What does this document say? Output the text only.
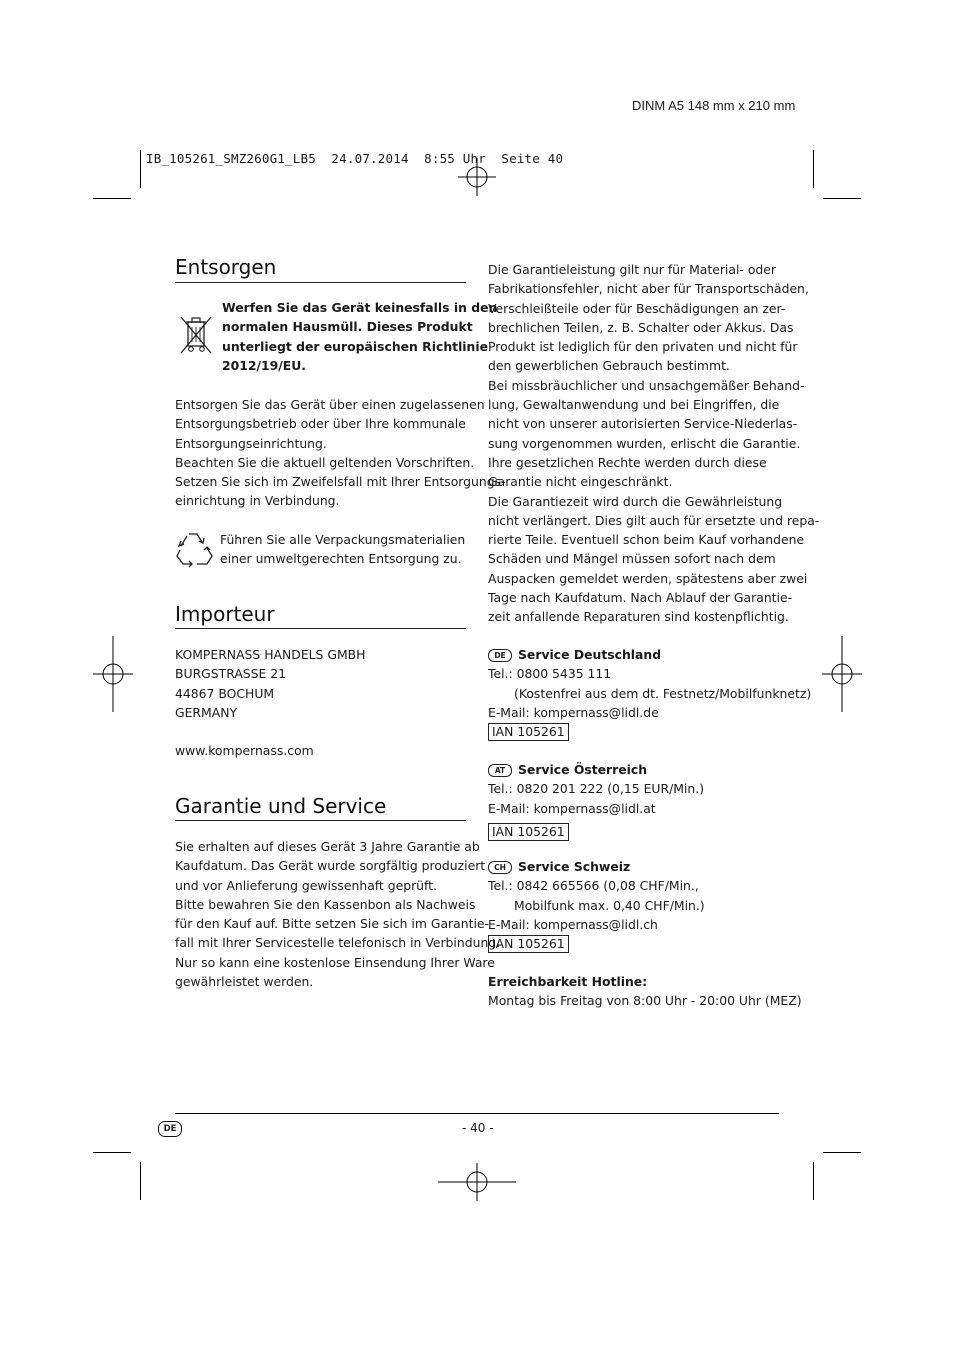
DINM A5 148 mm x 210 mm
IB_105261_SMZ260G1_LB5  24.07.2014  8:55 Uhr  Seite 40
Entsorgen

Werfen Sie das Gerät keinesfalls in den

normalen Hausmüll. Dieses Produkt

unterliegt der europäischen Richtlinie

2012/19/EU.

Entsorgen Sie das Gerät über einen zugelassenen

Entsorgungsbetrieb oder über Ihre kommunale

Entsorgungseinrichtung.

Beachten Sie die aktuell geltenden Vorschriften.

Setzen Sie sich im Zweifelsfall mit Ihrer Entsorgungs-

einrichtung in Verbindung.

Führen Sie alle Verpackungsmaterialien

einer umweltgerechten Entsorgung zu.

Importeur

KOMPERNASS HANDELS GMBH

BURGSTRASSE 21

44867 BOCHUM

GERMANY

www.kompernass.com
Garantie und Service

Sie erhalten auf dieses Gerät 3 Jahre Garantie ab

Kaufdatum. Das Gerät wurde sorgfältig produziert

und vor Anlieferung gewissenhaft geprüft.

Bitte bewahren Sie den Kassenbon als Nachweis

für den Kauf auf. Bitte setzen Sie sich im Garantie-

fall mit Ihrer Servicestelle telefonisch in Verbindung.

Nur so kann eine kostenlose Einsendung Ihrer Ware

gewährleistet werden.

Die Garantieleistung gilt nur für Material- oder

Fabrikationsfehler, nicht aber für Transportschäden,

Verschleißteile oder für Beschädigungen an zer-

brechlichen Teilen, z. B. Schalter oder Akkus. Das

Produkt ist lediglich für den privaten und nicht für

den gewerblichen Gebrauch bestimmt.

Bei missbräuchlicher und unsachgemäßer Behand-

lung, Gewaltanwendung und bei Eingriffen, die

nicht von unserer autorisierten Service-Niederlas-

sung vorgenommen wurden, erlischt die Garantie.

Ihre gesetzlichen Rechte werden durch diese

Garantie nicht eingeschränkt.

Die Garantiezeit wird durch die Gewährleistung

nicht verlängert. Dies gilt auch für ersetzte und repa-

rierte Teile. Eventuell schon beim Kauf vorhandene

Schäden und Mängel müssen sofort nach dem

Auspacken gemeldet werden, spätestens aber zwei

Tage nach Kaufdatum. Nach Ablauf der Garantie-

zeit anfallende Reparaturen sind kostenpflichtig.

DE Service Deutschland

Tel.: 0800 5435 111

(Kostenfrei aus dem dt. Festnetz/Mobilfunknetz)

E-Mail: kompernass@lidl.de

IAN 105261

AT Service Österreich

Tel.: 0820 201 222 (0,15 EUR/Min.)

E-Mail: kompernass@lidl.at

IAN 105261

CH Service Schweiz

Tel.: 0842 665566 (0,08 CHF/Min.,

Mobilfunk max. 0,40 CHF/Min.)

E-Mail: kompernass@lidl.ch

IAN 105261

Erreichbarkeit Hotline:

Montag bis Freitag von 8:00 Uhr - 20:00 Uhr (MEZ)

DE	- 40 -
